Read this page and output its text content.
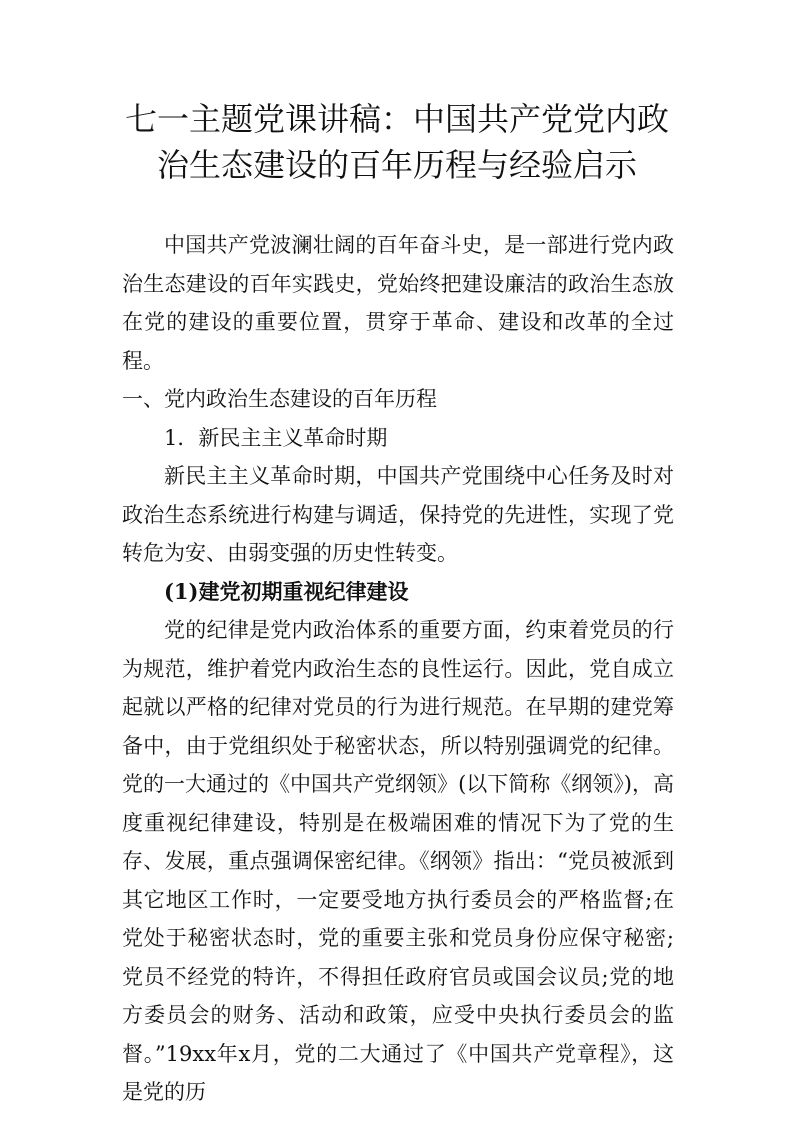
七一主题党课讲稿：中国共产党党内政治生态建设的百年历程与经验启示

中国共产党波澜壮阔的百年奋斗史，是一部进行党内政治生态建设的百年实践史，党始终把建设廉洁的政治生态放在党的建设的重要位置，贯穿于革命、建设和改革的全过程。

一、党内政治生态建设的百年历程

1．新民主主义革命时期

新民主主义革命时期，中国共产党围绕中心任务及时对政治生态系统进行构建与调适，保持党的先进性，实现了党转危为安、由弱变强的历史性转变。

(1)建党初期重视纪律建设

党的纪律是党内政治体系的重要方面，约束着党员的行为规范，维护着党内政治生态的良性运行。因此，党自成立起就以严格的纪律对党员的行为进行规范。在早期的建党筹备中，由于党组织处于秘密状态，所以特别强调党的纪律。党的一大通过的《中国共产党纲领》(以下简称《纲领》)，高度重视纪律建设，特别是在极端困难的情况下为了党的生存、发展，重点强调保密纪律。《纲领》指出：“党员被派到其它地区工作时，一定要受地方执行委员会的严格监督;在党处于秘密状态时，党的重要主张和党员身份应保守秘密;党员不经党的特许，不得担任政府官员或国会议员;党的地方委员会的财务、活动和政策，应受中央执行委员会的监督。”19xx年x月，党的二大通过了《中国共产党章程》，这是党的历
